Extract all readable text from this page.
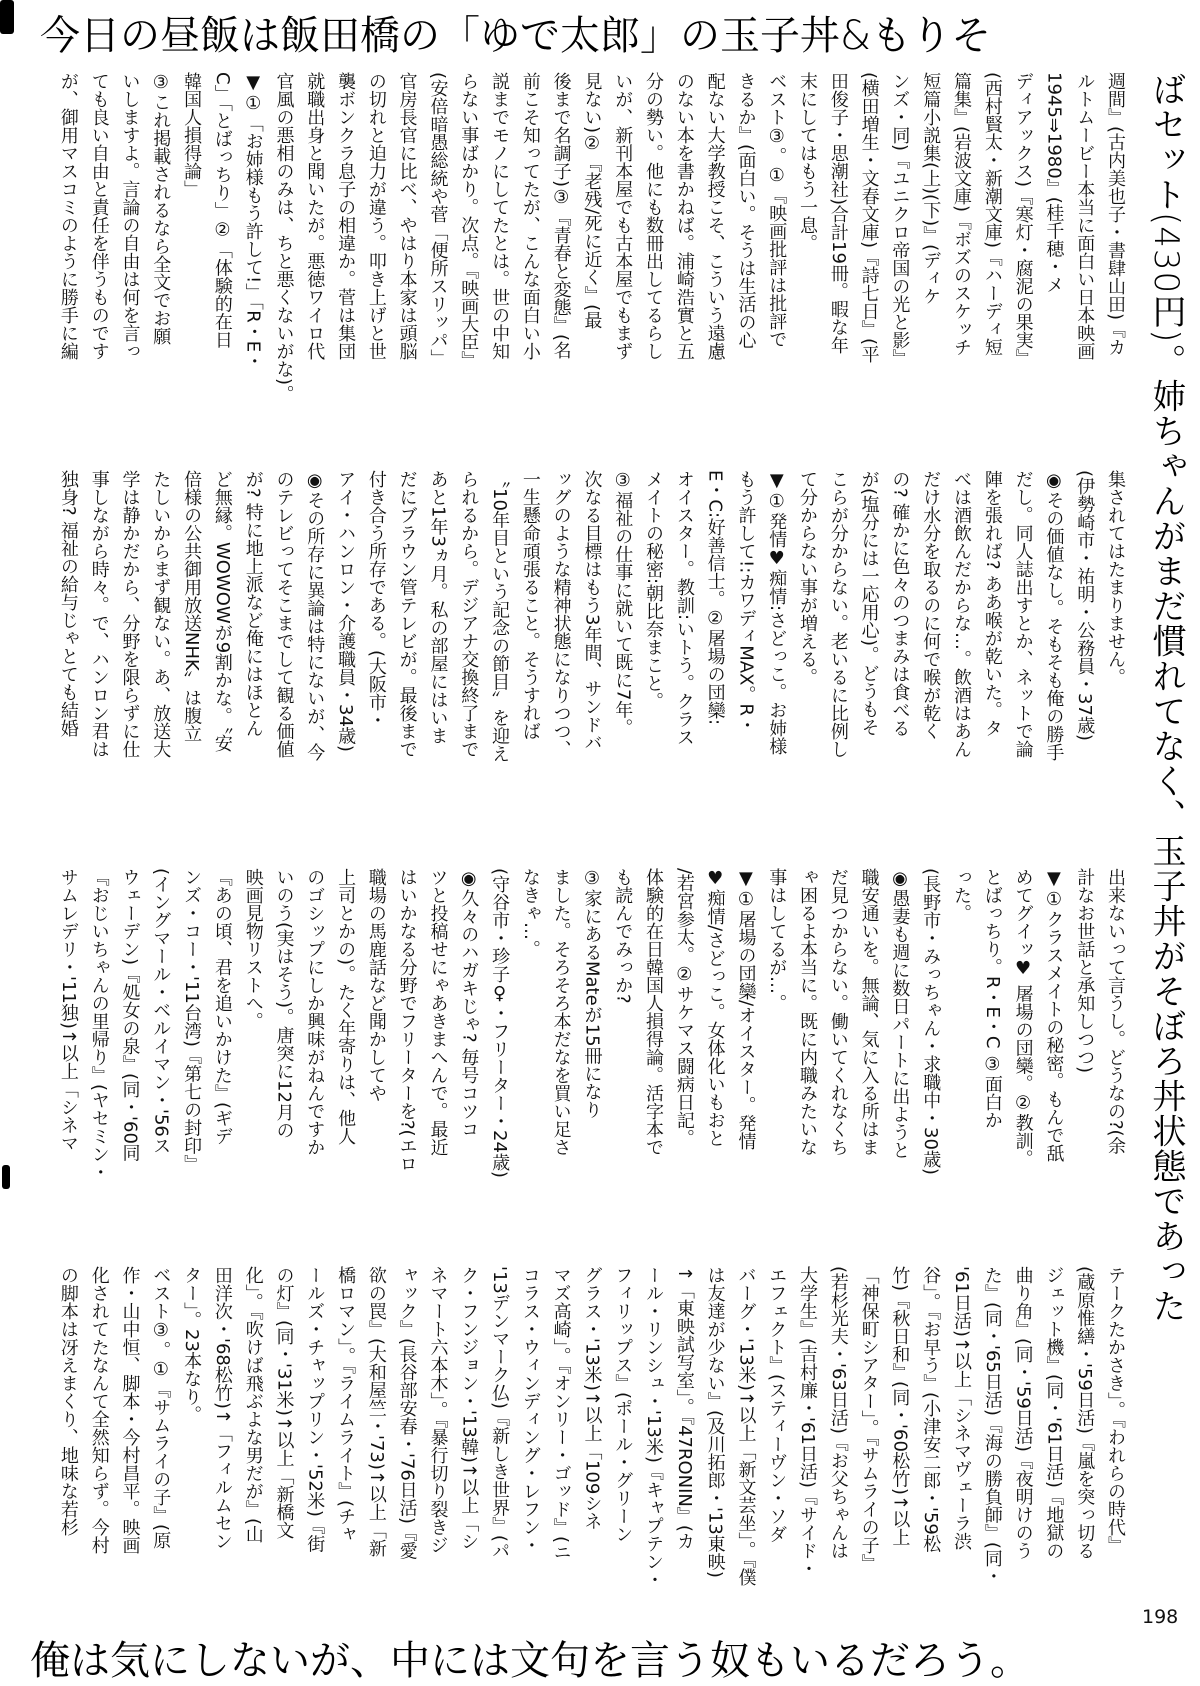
今日の昼飯は飯田橋の「ゆで太郎」の玉子丼&もりそ
ばセット(430円)。姉ちゃんがまだ慣れてなく、玉子丼がそぼろ丼状態であった
俺は気にしないが、中には文句を言う奴もいるだろう。
週間』(古内美也子・書肆山田)『カ
ルトムービー本当に面白い日本映画
1945⇒1980』(桂千穂・メ
ディアックス)『寒灯・腐泥の果実』
(西村賢太・新潮文庫)『ハーディ短
篇集』(岩波文庫)『ボズのスケッチ
短篇小説集(上)(下)』(ディケ
ンズ・同)『ユニクロ帝国の光と影』
(横田増生・文春文庫)『詩七日』(平
田俊子・思潮社)合計19冊。暇な年
末にしてはもう一息。
ベスト③。①『映画批評は批評で
きるか』(面白い。そうは生活の心
配ない大学教授こそ、こういう遠慮
のない本を書かねば。浦崎浩實と五
分の勢い。他にも数冊出してるらし
いが、新刊本屋でも古本屋でもまず
見ない)②『老残/死に近く』(最
後まで名調子)③『青春と変態』(名
前こそ知ってたが、こんな面白い小
説までモノにしてたとは。世の中知
らない事ばかり。次点。『映画大臣』
(安倍暗愚総統や菅「便所スリッパ」
官房長官に比べ、やはり本家は頭脳
の切れと迫力が違う。叩き上げと世
襲ボンクラ息子の相違か。菅は集団
就職出身と聞いたが。悪徳ワイロ代
官風の悪相のみは、ちと悪くないがな)。
▼①「お姉様もう許して!」「R・E・
C」「とばっちり」②「体験的在日
韓国人損得論」
③これ掲載されるなら全文でお願
いしますよ。言論の自由は何を言っ
ても良い自由と責任を伴うものです
が、御用マスコミのように勝手に編
集されてはたまりません。
(伊勢崎市・祐明・公務員・37歳)
◉その価値なし。そもそも俺の勝手
だし。同人誌出すとか、ネットで論
陣を張れば? ああ喉が乾いた。タ
べは酒飲んだからな…。飲酒はあん
だけ水分を取るのに何で喉が乾く
の? 確かに色々のつまみは食べる
が(塩分には一応用心)。どうもそ
こらが分からない。老いるに比例し
て分からない事が増える。
▼①発情♥痴情:さどっこ。お姉様
もう許して!:カワディMAX。R・
E・C:好善信士。②屠場の団欒:
オイスター。教訓:いトう。クラス
メイトの秘密:朝比奈まこと。
③福祉の仕事に就いて既に7年。
次なる目標はもう3年間、サンドバ
ッグのような精神状態になりつつ、
一生懸命頑張ること。そうすれば
〝10年目という記念の節目〟を迎え
られるから。デジアナ交換終了まで
あと1年3ヵ月。私の部屋にはいま
だにブラウン管テレビが。最後まで
付き合う所存である。(大阪市・
アイ・ハンロン・介護職員・34歳)
◉その所存に異論は特にないが、今
のテレビってそこまでして観る価値
が? 特に地上派など俺にはほとん
ど無縁。WOWOWが9割かな。〝安
倍様の公共御用放送NHK〟は腹立
たしいからまず観ない。あ、放送大
学は静かだから、分野を限らずに仕
事しながら時々。で、ハンロン君は
独身? 福祉の給与じゃとても結婚
出来ないって言うし。どうなの?(余
計なお世話と承知しつつ)
▼①クラスメイトの秘密。もんで舐
めてグイッ♥ 屠場の団欒。②教訓。
とばっちり。R・E・C ③面白か
った。
(長野市・みっちゃん・求職中・30歳)
◉愚妻も週に数日パートに出ようと
職安通いを。無論、気に入る所はま
だ見つからない。働いてくれなくち
ゃ困るよ本当に。既に内職みたいな
事はしてるが…。
▼①屠場の団欒/オイスター。発情
♥痴情/さどっこ。女体化いもおと
/若宮参太。②サケマス闘病日記。
体験的在日韓国人損得論。活字本で
も読んでみっか?
③家にあるMateが15冊になり
ました。そろそろ本だなを買い足さ
なきゃ…。
(守谷市・珍子♀・フリーター・24歳)
◉久々のハガキじゃ? 毎号コツコ
ツと投稿せにゃあきまへんで。最近
はいかなる分野でフリーターを?(エロ
職場の馬鹿話など聞かしてや
上司とかの)。たく年寄りは、他人
のゴシップにしか興味がねんですか
いのう(実はそう)。唐突に12月の
映画見物リストへ。
『あの頃、君を追いかけた』(ギデ
ンズ・コー・'11台湾)『第七の封印』
(イングマール・ベルイマン・'56ス
ウェーデン)『処女の泉』(同・'60同
『おじいちゃんの里帰り』(ヤセミン・
サムレデリ・'11独)↑以上「シネマ
テークたかさき」。『われらの時代』
(蔵原惟繕・'59日活)『嵐を突っ切る
ジェット機』(同・'61日活)『地獄の
曲り角』(同・'59日活)『夜明けのう
た』(同・'65日活)『海の勝負師』(同・
'61日活)↑以上「シネマヴェーラ渋
谷」。『お早う』(小津安二郎・'59松
竹)『秋日和』(同・'60松竹)↑以上
「神保町シアター」。『サムライの子』
(若杉光夫・'63日活)『お父ちゃんは
大学生』(吉村廉・'61日活)『サイド・
エフェクト』(スティーヴン・ソダ
バーグ・'13米)↑以上「新文芸坐」。『僕
は友達が少ない』(及川拓郎・'13東映)
↑「東映試写室」。『47RONIN』(カ
ール・リンシュ・'13米)『キャプテン・
フィリップス』(ポール・グリーン
グラス・'13米)↑以上「109シネ
マズ高崎」。『オンリー・ゴッド』(ニ
コラス・ウィンディング・レフン・
'13デンマーク仏)『新しき世界』(パ
ク・フンジョン・'13韓)↑以上「シ
ネマート六本木」。『暴行切り裂きジ
ャック』(長谷部安春・'76日活)『愛
欲の罠』(大和屋竺・'73)↑以上「新
橋ロマン」。『ライムライト』(チャ
ールズ・チャップリン・'52米)『街
の灯』(同・'31米)↑以上「新橋文
化」。『吹けば飛ぶよな男だが』(山
田洋次・'68松竹)↑「フィルムセン
ター」。23本なり。
ベスト③。①『サムライの子』(原
作・山中恒、脚本・今村昌平。映画
化されてたなんて全然知らず。今村
の脚本は冴えまくり、地味な若杉
198
